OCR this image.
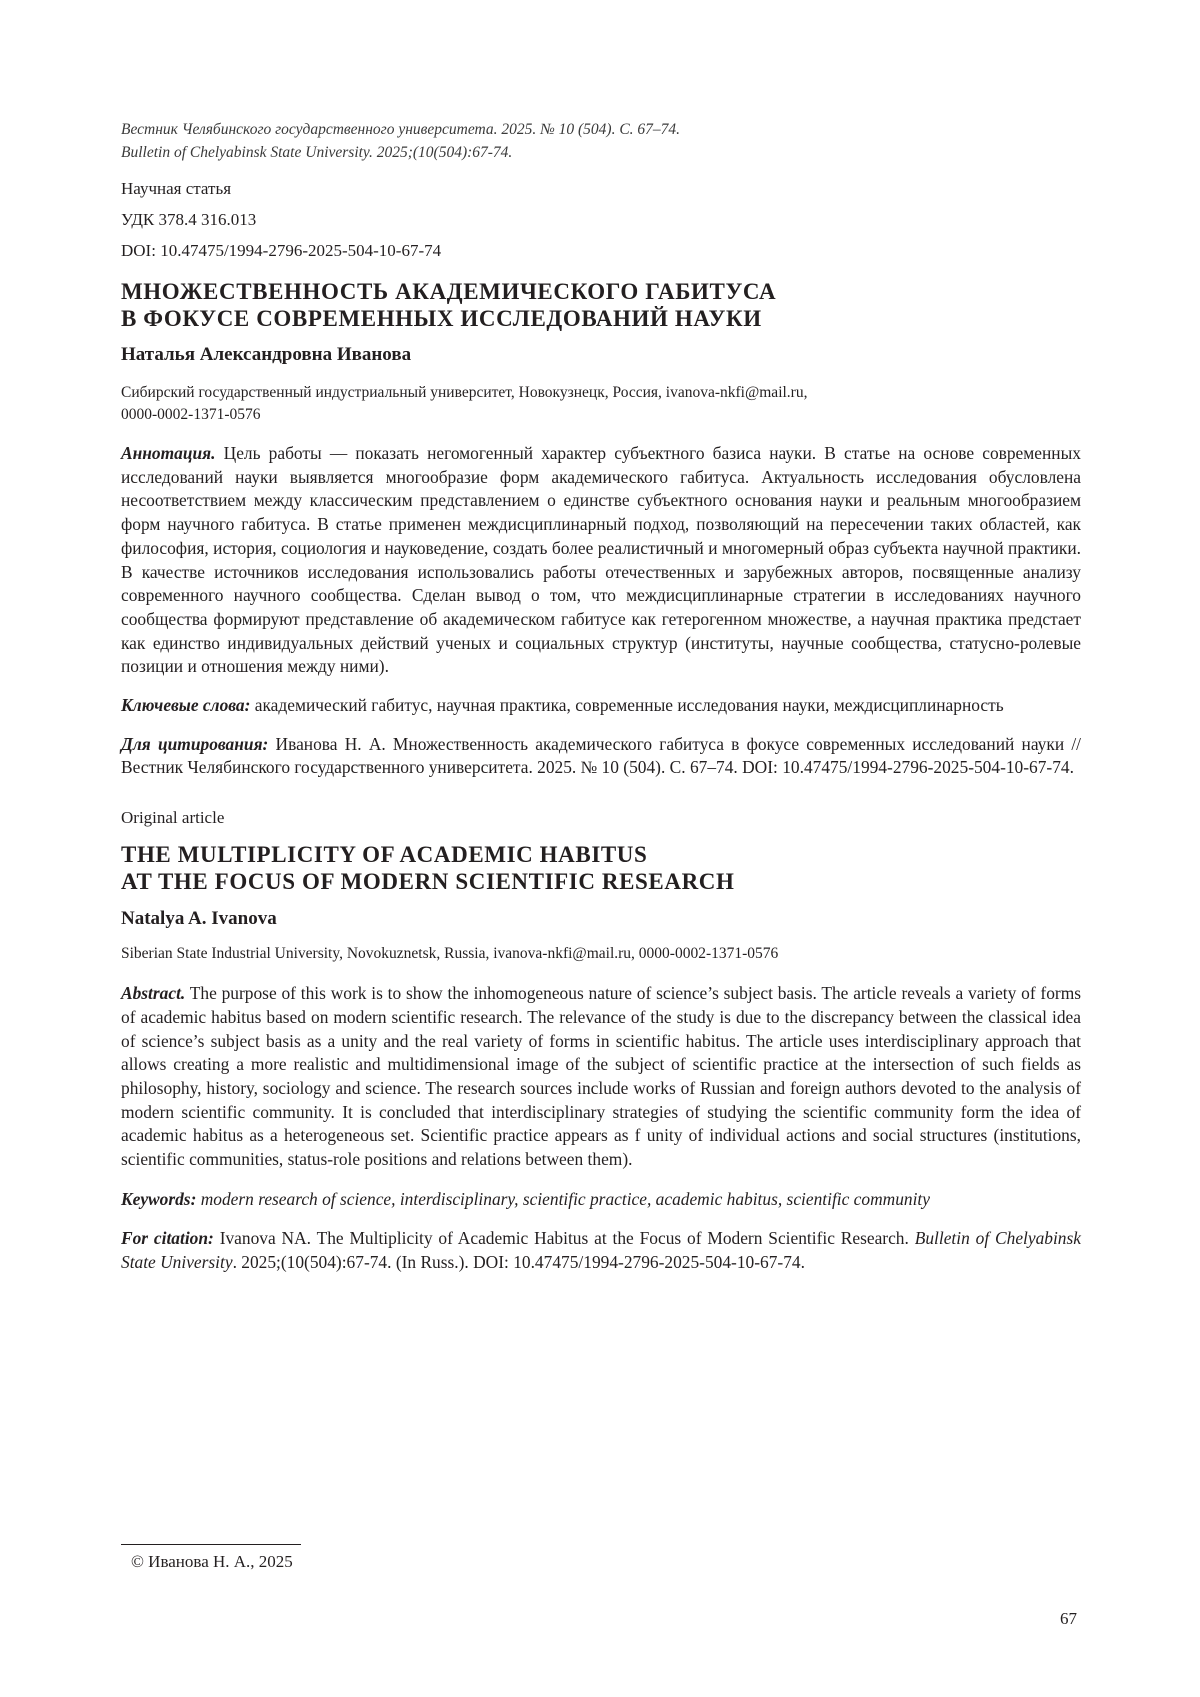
Вестник Челябинского государственного университета. 2025. № 10 (504). С. 67–74.
Bulletin of Chelyabinsk State University. 2025;(10(504):67-74.

Научная статья

УДК 378.4 316.013

DOI: 10.47475/1994-2796-2025-504-10-67-74

МНОЖЕСТВЕННОСТЬ АКАДЕМИЧЕСКОГО ГАБИТУСА
В ФОКУСЕ СОВРЕМЕННЫХ ИССЛЕДОВАНИЙ НАУКИ

Наталья Александровна Иванова

Сибирский государственный индустриальный университет, Новокузнецк, Россия, ivanova-nkfi@mail.ru,
0000-0002-1371-0576

Аннотация. Цель работы — показать негомогенный характер субъектного базиса науки. В статье на основе современных исследований науки выявляется многообразие форм академического габитуса. Актуальность исследования обусловлена несоответствием между классическим представлением о единстве субъектного основания науки и реальным многообразием форм научного габитуса. В статье применен междисциплинарный подход, позволяющий на пересечении таких областей, как философия, история, социология и науковедение, создать более реалистичный и многомерный образ субъекта научной практики. В качестве источников исследования использовались работы отечественных и зарубежных авторов, посвященные анализу современного научного сообщества. Сделан вывод о том, что междисциплинарные стратегии в исследованиях научного сообщества формируют представление об академическом габитусе как гетерогенном множестве, а научная практика предстает как единство индивидуальных действий ученых и социальных структур (институты, научные сообщества, статусно-ролевые позиции и отношения между ними).

Ключевые слова: академический габитус, научная практика, современные исследования науки, междисциплинарность

Для цитирования: Иванова Н. А. Множественность академического габитуса в фокусе современных исследований науки // Вестник Челябинского государственного университета. 2025. № 10 (504). С. 67–74. DOI: 10.47475/1994-2796-2025-504-10-67-74.

Original article

THE MULTIPLICITY OF ACADEMIC HABITUS
AT THE FOCUS OF MODERN SCIENTIFIC RESEARCH

Natalya A. Ivanova

Siberian State Industrial University, Novokuznetsk, Russia, ivanova-nkfi@mail.ru, 0000-0002-1371-0576

Abstract. The purpose of this work is to show the inhomogeneous nature of science’s subject basis. The article reveals a variety of forms of academic habitus based on modern scientific research. The relevance of the study is due to the discrepancy between the classical idea of science’s subject basis as a unity and the real variety of forms in scientific habitus. The article uses interdisciplinary approach that allows creating a more realistic and multidimensional image of the subject of scientific practice at the intersection of such fields as philosophy, history, sociology and science. The research sources include works of Russian and foreign authors devoted to the analysis of modern scientific community. It is concluded that interdisciplinary strategies of studying the scientific community form the idea of academic habitus as a heterogeneous set. Scientific practice appears as f unity of individual actions and social structures (institutions, scientific communities, status-role positions and relations between them).

Keywords: modern research of science, interdisciplinary, scientific practice, academic habitus, scientific community

For citation: Ivanova NA. The Multiplicity of Academic Habitus at the Focus of Modern Scientific Research. Bulletin of Chelyabinsk State University. 2025;(10(504):67-74. (In Russ.). DOI: 10.47475/1994-2796-2025-504-10-67-74.

© Иванова Н. А., 2025
67
